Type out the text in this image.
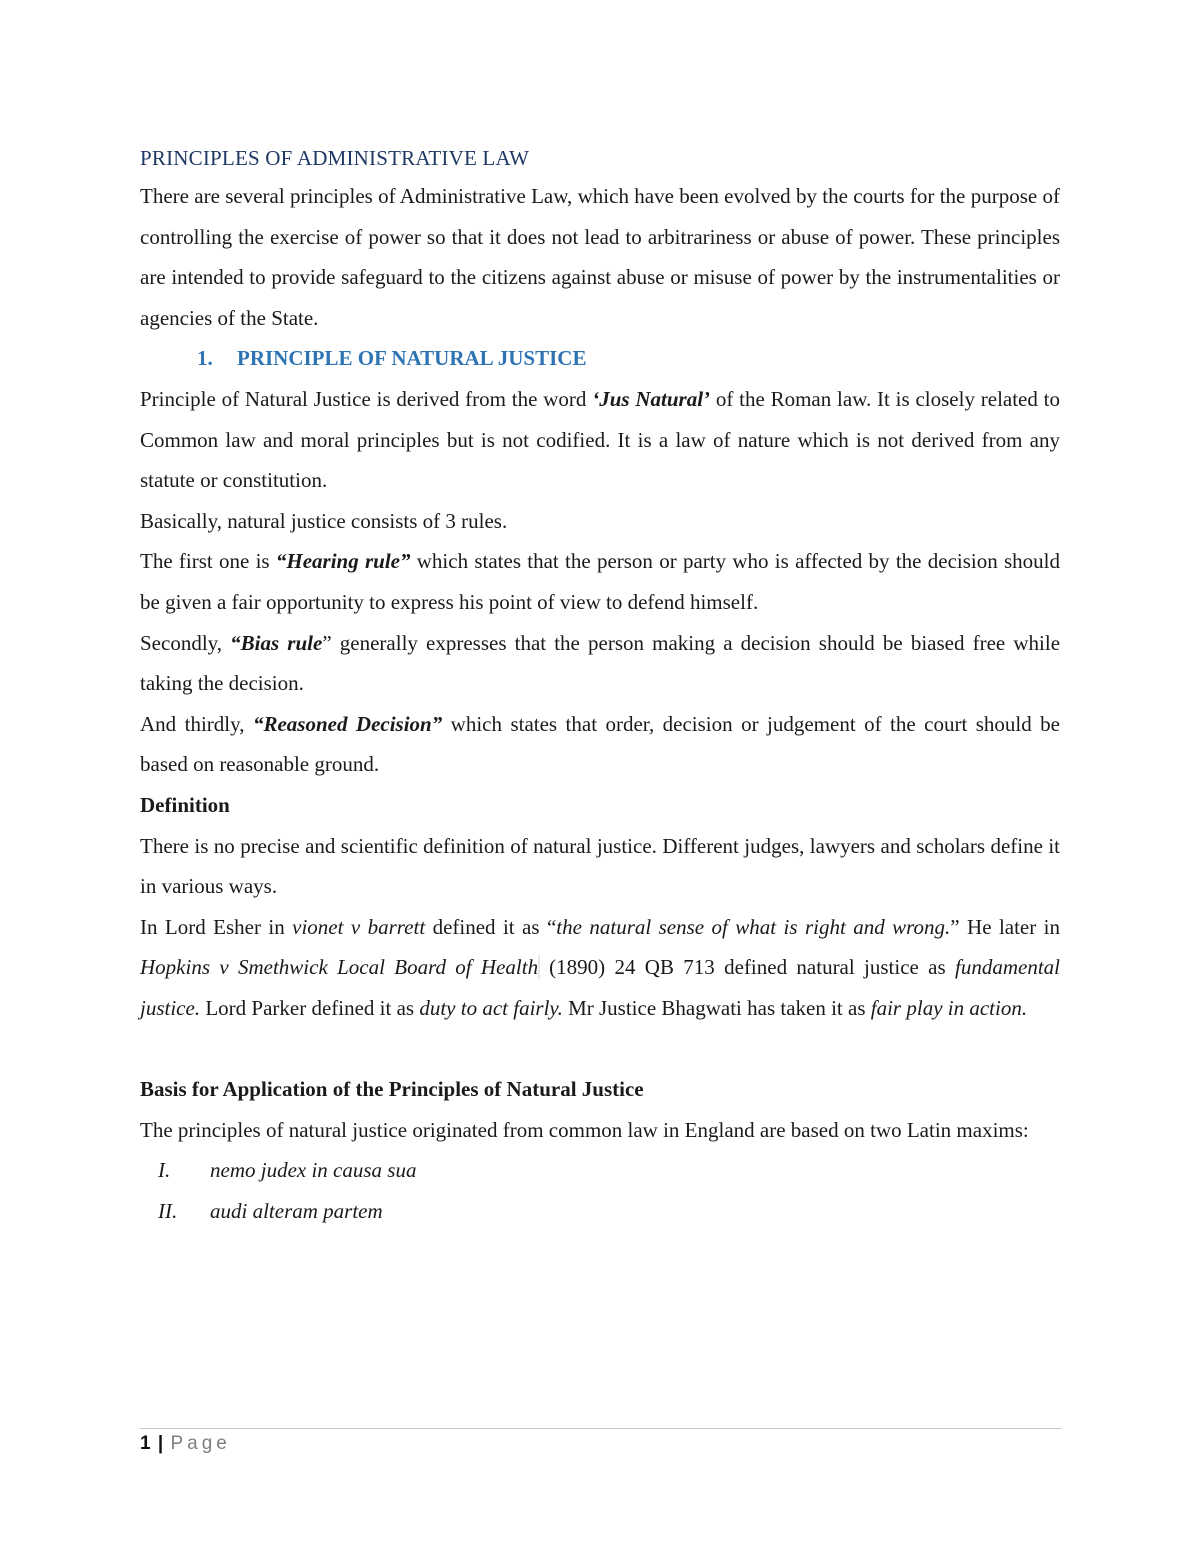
PRINCIPLES OF ADMINISTRATIVE LAW

There are several principles of Administrative Law, which have been evolved by the courts for the purpose of controlling the exercise of power so that it does not lead to arbitrariness or abuse of power. These principles are intended to provide safeguard to the citizens against abuse or misuse of power by the instrumentalities or agencies of the State.

1. PRINCIPLE OF NATURAL JUSTICE

Principle of Natural Justice is derived from the word ‘Jus Natural’ of the Roman law. It is closely related to Common law and moral principles but is not codified. It is a law of nature which is not derived from any statute or constitution.

Basically, natural justice consists of 3 rules.

The first one is “Hearing rule” which states that the person or party who is affected by the decision should be given a fair opportunity to express his point of view to defend himself.

Secondly, “Bias rule” generally expresses that the person making a decision should be biased free while taking the decision.

And thirdly, “Reasoned Decision” which states that order, decision or judgement of the court should be based on reasonable ground.

Definition

There is no precise and scientific definition of natural justice. Different judges, lawyers and scholars define it in various ways.

In Lord Esher in vionet v barrett defined it as “the natural sense of what is right and wrong.” He later in Hopkins v Smethwick Local Board of Health  (1890) 24 QB 713 defined natural justice as fundamental justice. Lord Parker defined it as duty to act fairly. Mr Justice Bhagwati has taken it as fair play in action.

Basis for Application of the Principles of Natural Justice

The principles of natural justice originated from common law in England are based on two Latin maxims:

I. nemo judex in causa sua
II. audi alteram partem
1 | Page
